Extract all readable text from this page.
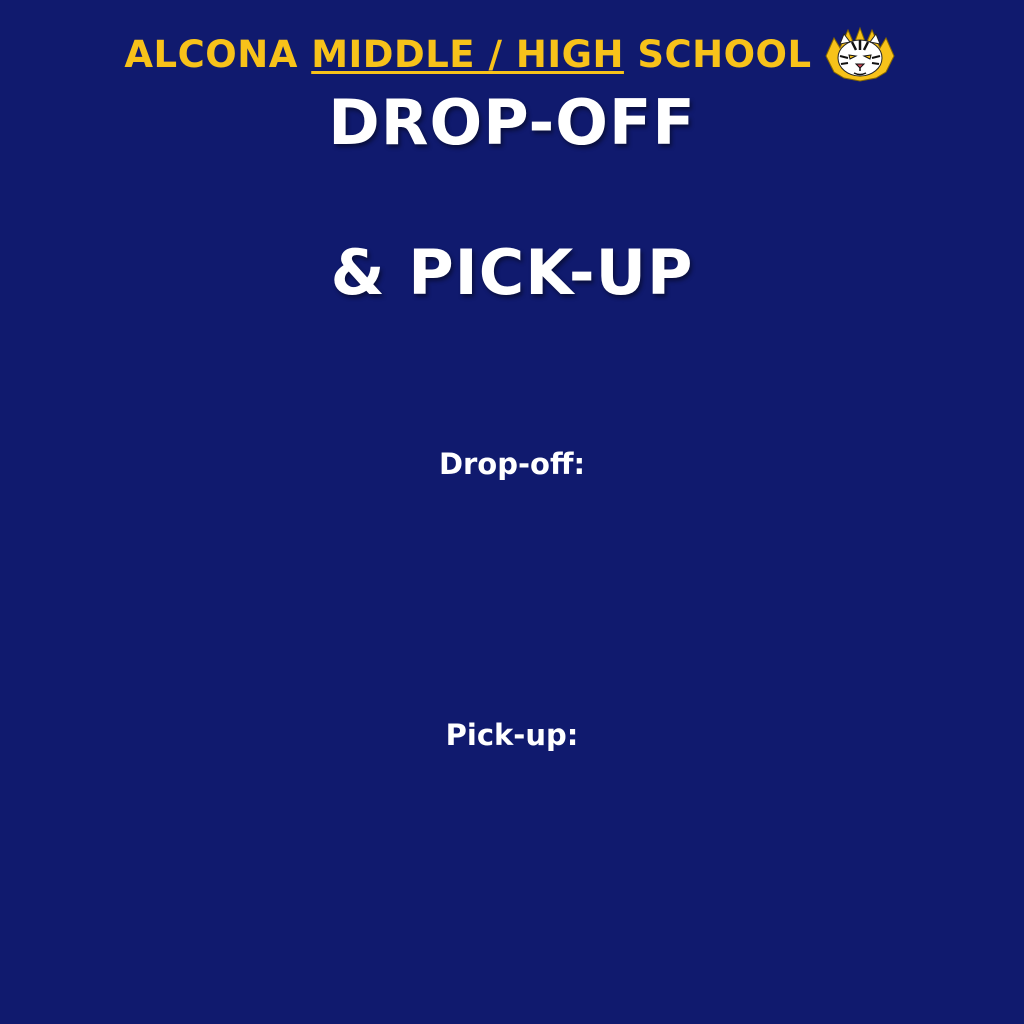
ALCONA MIDDLE / HIGH SCHOOL
DROP-OFF
& PICK-UP
Drop-off:
Pick-up:
